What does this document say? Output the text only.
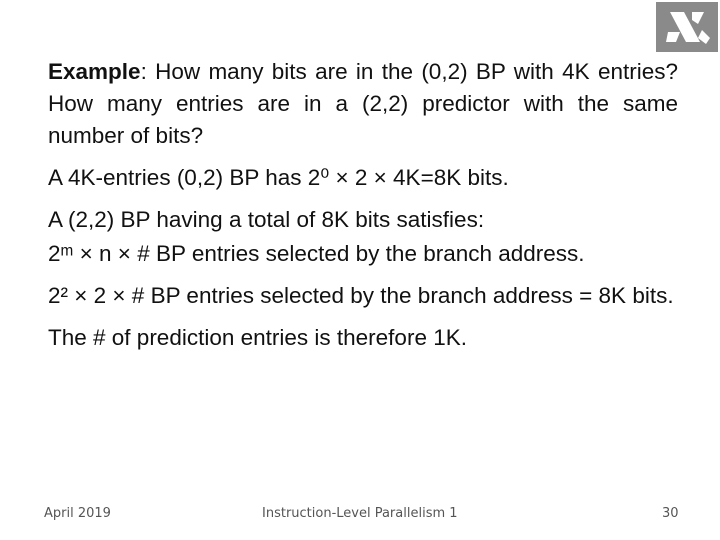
Example: How many bits are in the (0,2) BP with 4K entries? How many entries are in a (2,2) predictor with the same number of bits?

A 4K-entries (0,2) BP has 2⁰ × 2 × 4K=8K bits.

A (2,2) BP having a total of 8K bits satisfies:

2ᵐ × n × # BP entries selected by the branch address.

2² × 2 × # BP entries selected by the branch address = 8K bits.

The # of prediction entries is therefore 1K.

April 2019	Instruction-Level Parallelism 1	30
